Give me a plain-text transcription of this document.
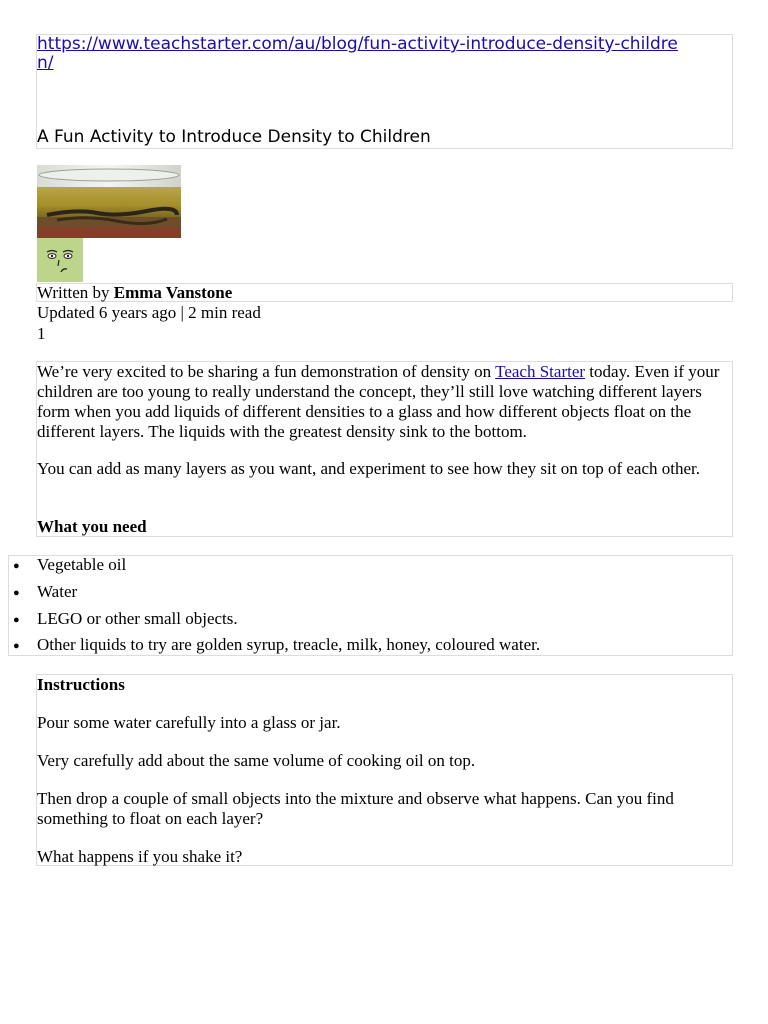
https://www.teachstarter.com/au/blog/fun-activity-introduce-density-children/
A Fun Activity to Introduce Density to Children
Written by Emma Vanstone
Updated 6 years ago | 2 min read
1

We’re very excited to be sharing a fun demonstration of density on Teach Starter today. Even if your children are too young to really understand the concept, they’ll still love watching different layers form when you add liquids of different densities to a glass and how different objects float on the different layers. The liquids with the greatest density sink to the bottom.

You can add as many layers as you want, and experiment to see how they sit on top of each other.

What you need

● Vegetable oil
● Water
● LEGO or other small objects.
● Other liquids to try are golden syrup, treacle, milk, honey, coloured water.

Instructions

Pour some water carefully into a glass or jar.

Very carefully add about the same volume of cooking oil on top.

Then drop a couple of small objects into the mixture and observe what happens. Can you find something to float on each layer?

What happens if you shake it?
